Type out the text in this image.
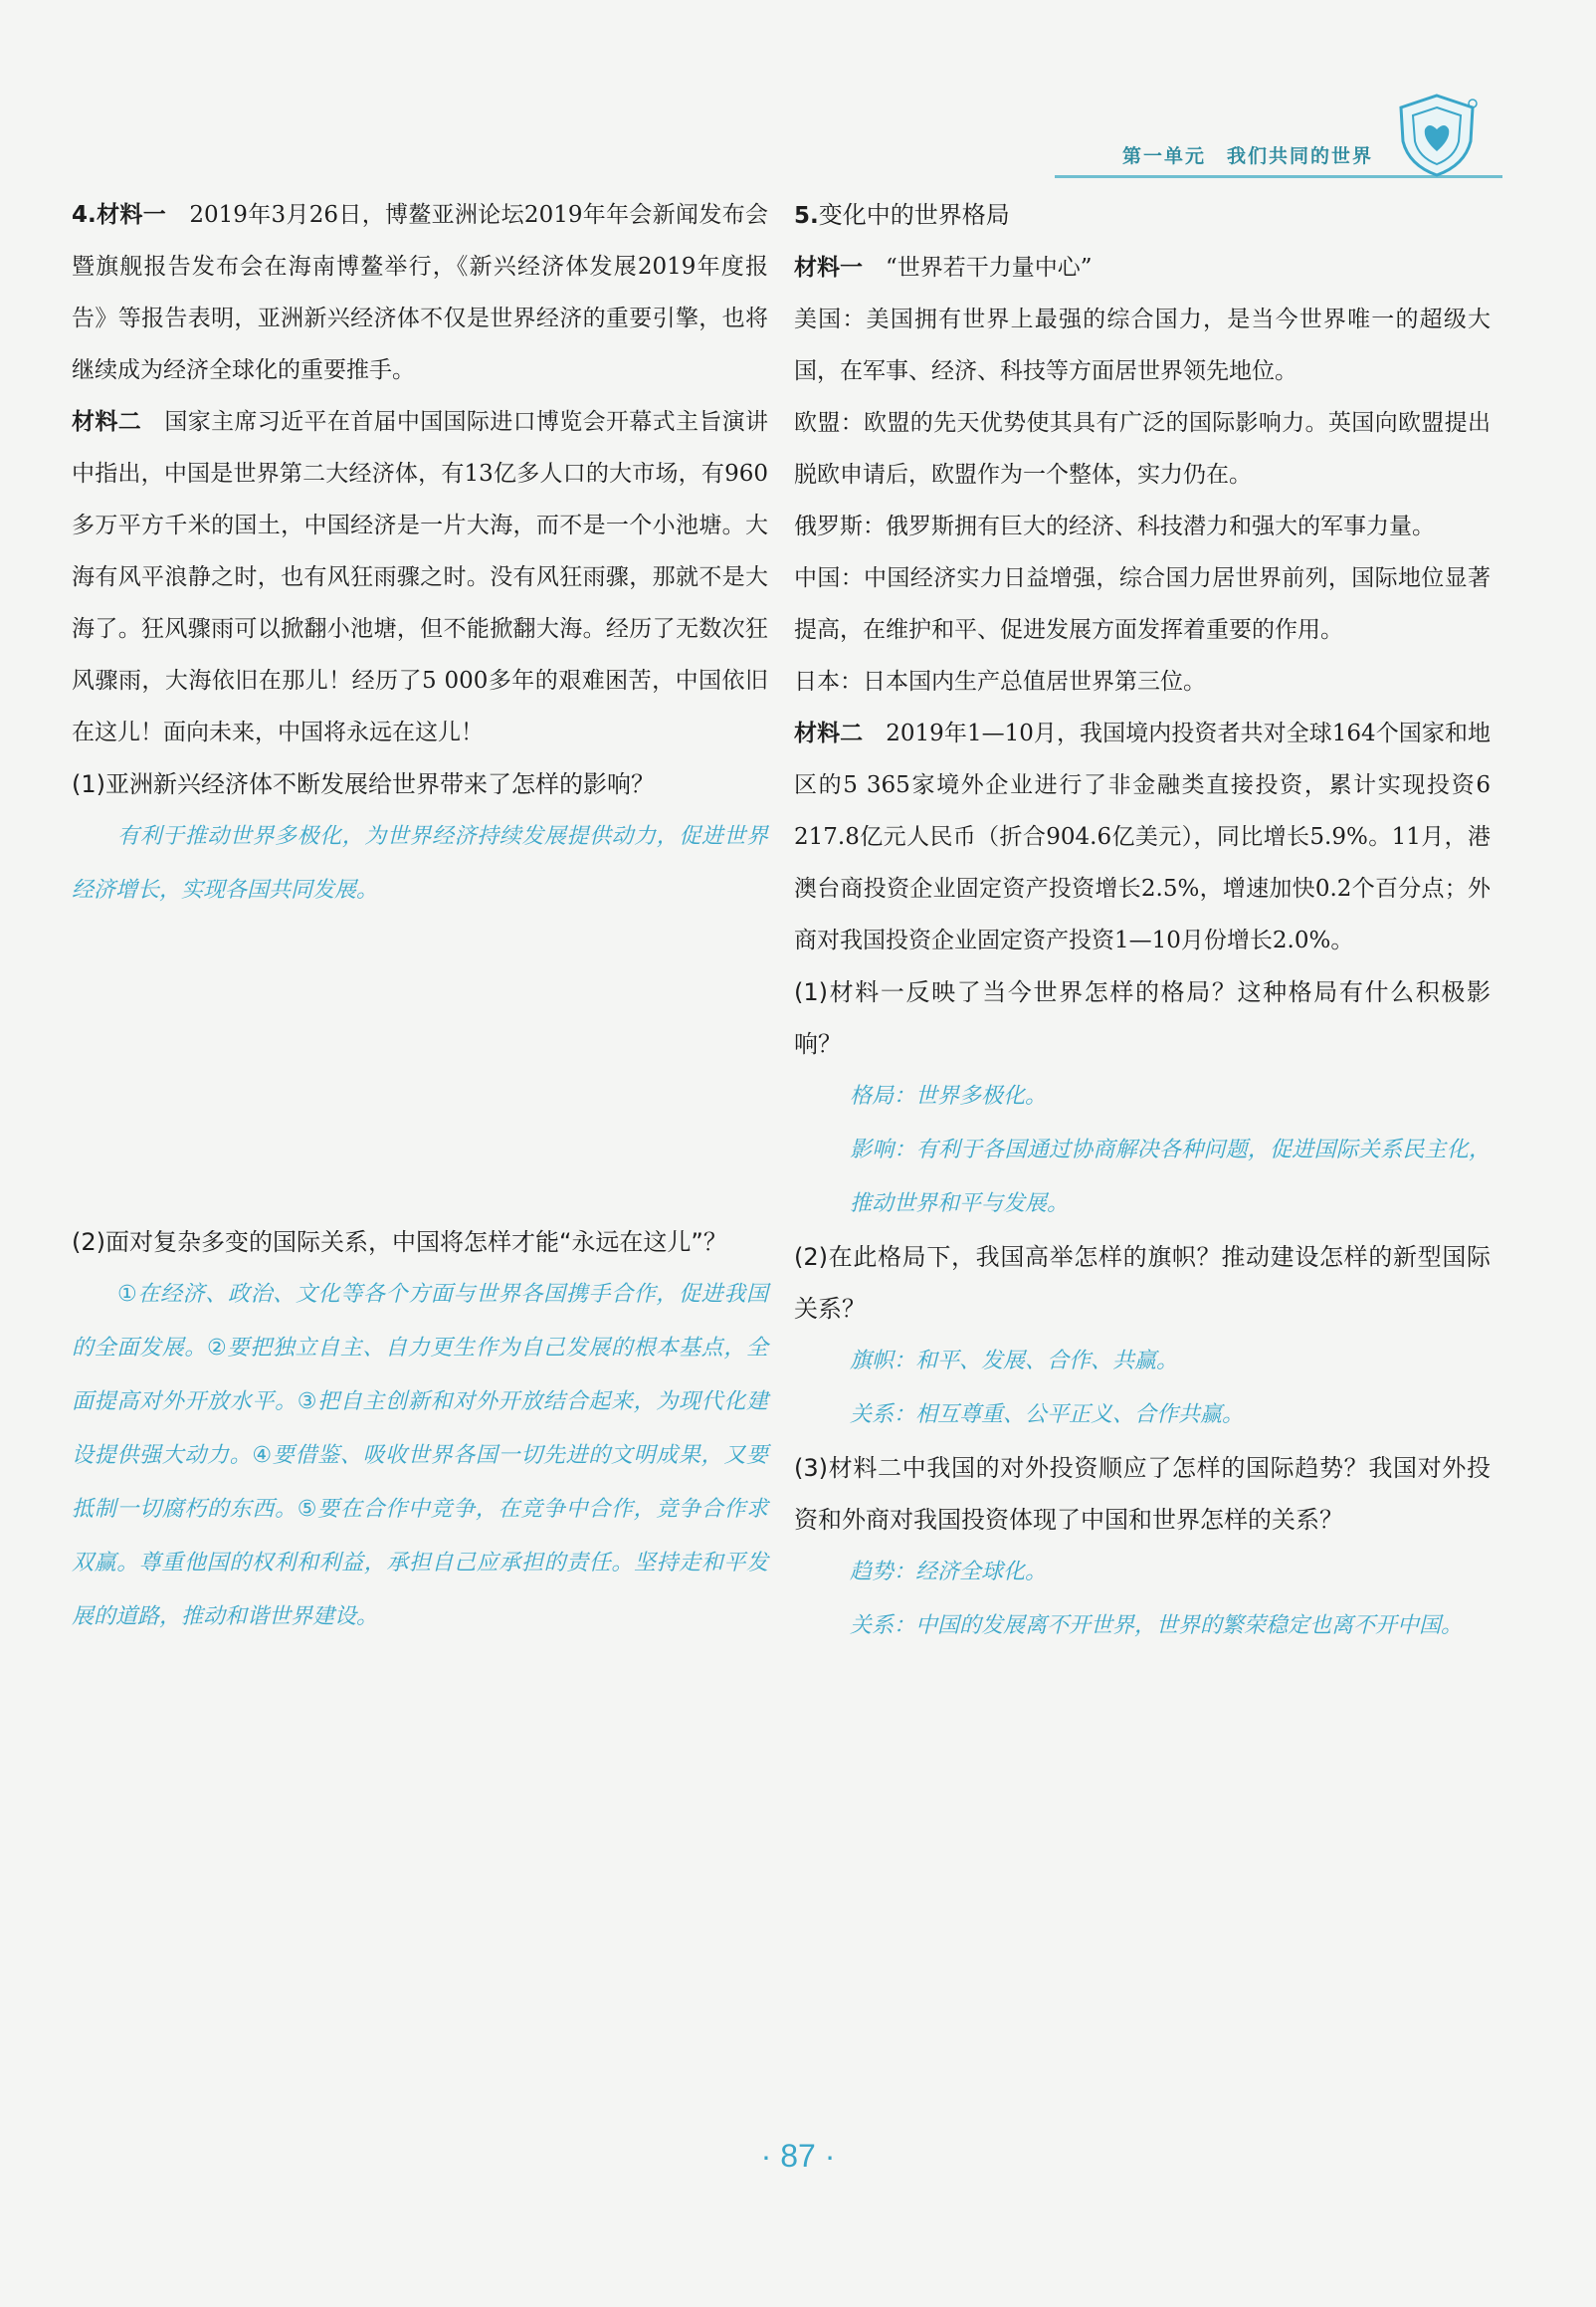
第一单元　我们共同的世界

4.材料一　 2019年3月26日，博鳌亚洲论坛2019年年会新闻发布会暨旗舰报告发布会在海南博鳌举行，《新兴经济体发展2019年度报告》等报告表明，亚洲新兴经济体不仅是世界经济的重要引擎，也将继续成为经济全球化的重要推手。

材料二　 国家主席习近平在首届中国国际进口博览会开幕式主旨演讲中指出，中国是世界第二大经济体，有13亿多人口的大市场，有960多万平方千米的国土，中国经济是一片大海，而不是一个小池塘。大海有风平浪静之时，也有风狂雨骤之时。没有风狂雨骤，那就不是大海了。狂风骤雨可以掀翻小池塘，但不能掀翻大海。经历了无数次狂风骤雨，大海依旧在那儿！经历了5 000多年的艰难困苦，中国依旧在这儿！面向未来，中国将永远在这儿！

(1)亚洲新兴经济体不断发展给世界带来了怎样的影响？

有利于推动世界多极化，为世界经济持续发展提供动力，促进世界经济增长，实现各国共同发展。

(2)面对复杂多变的国际关系，中国将怎样才能“永远在这儿”？

①在经济、政治、文化等各个方面与世界各国携手合作，促进我国的全面发展。②要把独立自主、自力更生作为自己发展的根本基点，全面提高对外开放水平。③把自主创新和对外开放结合起来，为现代化建设提供强大动力。④要借鉴、吸收世界各国一切先进的文明成果，又要抵制一切腐朽的东西。⑤要在合作中竞争，在竞争中合作，竞争合作求双赢。尊重他国的权利和利益，承担自己应承担的责任。坚持走和平发展的道路，推动和谐世界建设。

5.变化中的世界格局

材料一　 “世界若干力量中心”

美国：美国拥有世界上最强的综合国力，是当今世界唯一的超级大国，在军事、经济、科技等方面居世界领先地位。

欧盟：欧盟的先天优势使其具有广泛的国际影响力。英国向欧盟提出脱欧申请后，欧盟作为一个整体，实力仍在。

俄罗斯：俄罗斯拥有巨大的经济、科技潜力和强大的军事力量。

中国：中国经济实力日益增强，综合国力居世界前列，国际地位显著提高，在维护和平、促进发展方面发挥着重要的作用。

日本：日本国内生产总值居世界第三位。

材料二　 2019年1—10月，我国境内投资者共对全球164个国家和地区的5 365家境外企业进行了非金融类直接投资，累计实现投资6 217.8亿元人民币（折合904.6亿美元），同比增长5.9%。11月，港澳台商投资企业固定资产投资增长2.5%，增速加快0.2个百分点；外商对我国投资企业固定资产投资1—10月份增长2.0%。

(1)材料一反映了当今世界怎样的格局？这种格局有什么积极影响？

格局：世界多极化。

影响：有利于各国通过协商解决各种问题，促进国际关系民主化，推动世界和平与发展。

(2)在此格局下，我国高举怎样的旗帜？推动建设怎样的新型国际关系？

旗帜：和平、发展、合作、共赢。

关系：相互尊重、公平正义、合作共赢。

(3)材料二中我国的对外投资顺应了怎样的国际趋势？我国对外投资和外商对我国投资体现了中国和世界怎样的关系？

趋势：经济全球化。

关系：中国的发展离不开世界，世界的繁荣稳定也离不开中国。

· 87 ·
